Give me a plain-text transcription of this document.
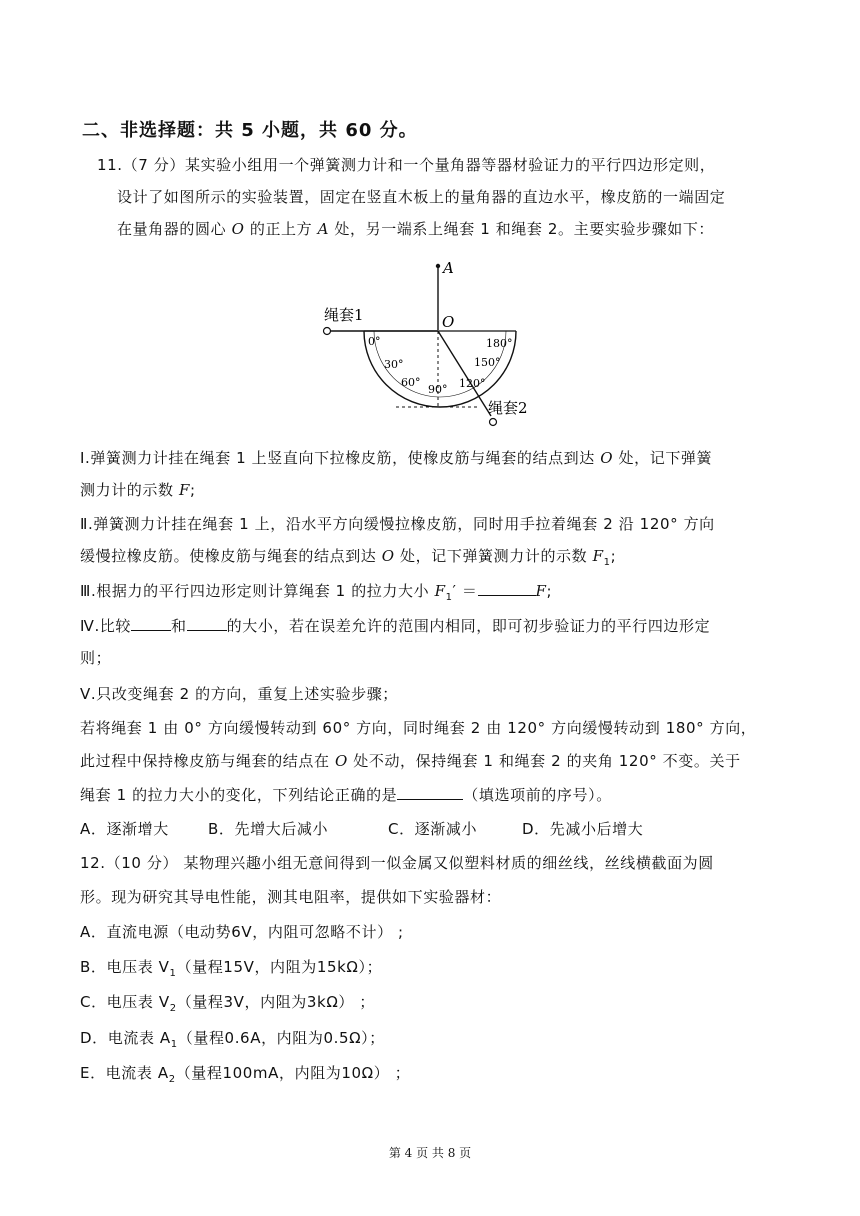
二、非选择题：共 5 小题，共 60 分。
11.（7 分）某实验小组用一个弹簧测力计和一个量角器等器材验证力的平行四边形定则，
设计了如图所示的实验装置，固定在竖直木板上的量角器的直边水平，橡皮筋的一端固定
在量角器的圆心 O 的正上方 A 处，另一端系上绳套 1 和绳套 2。主要实验步骤如下：
A
O
绳套1
绳套2
0°
30°
60°
90° 120°
150°
180°
Ⅰ.弹簧测力计挂在绳套 1 上竖直向下拉橡皮筋，使橡皮筋与绳套的结点到达 O 处，记下弹簧
测力计的示数 F;
Ⅱ.弹簧测力计挂在绳套 1 上，沿水平方向缓慢拉橡皮筋，同时用手拉着绳套 2 沿 120° 方向
缓慢拉橡皮筋。使橡皮筋与绳套的结点到达 O 处，记下弹簧测力计的示数 $F_1$;
Ⅲ.根据力的平行四边形定则计算绳套 1 的拉力大小 $F_1'$ ＝	F;
Ⅳ.比较	和	的大小，若在误差允许的范围内相同，即可初步验证力的平行四边形定
则；
Ⅴ.只改变绳套 2 的方向，重复上述实验步骤；
若将绳套 1 由 0° 方向缓慢转动到 60° 方向，同时绳套 2 由 120° 方向缓慢转动到 180° 方向，
此过程中保持橡皮筋与绳套的结点在 O 处不动，保持绳套 1 和绳套 2 的夹角 120° 不变。关于
绳套 1 的拉力大小的变化，下列结论正确的是	（填选项前的序号）。
A．逐渐增大	B．先增大后减小	C．逐渐减小	D．先减小后增大
12.（10 分） 某物理兴趣小组无意间得到一似金属又似塑料材质的细丝线，丝线横截面为圆
形。现为研究其导电性能，测其电阻率，提供如下实验器材：
A．直流电源（电动势6V，内阻可忽略不计） ;
B．电压表 $V_1$（量程15V，内阻为15kΩ）；
C．电压表 $V_2$（量程3V，内阻为3kΩ） ；
D．电流表 $A_1$（量程0.6A，内阻为0.5Ω）；
E．电流表 $A_2$（量程100mA，内阻为10Ω） ；
第 4 页 共 8 页
